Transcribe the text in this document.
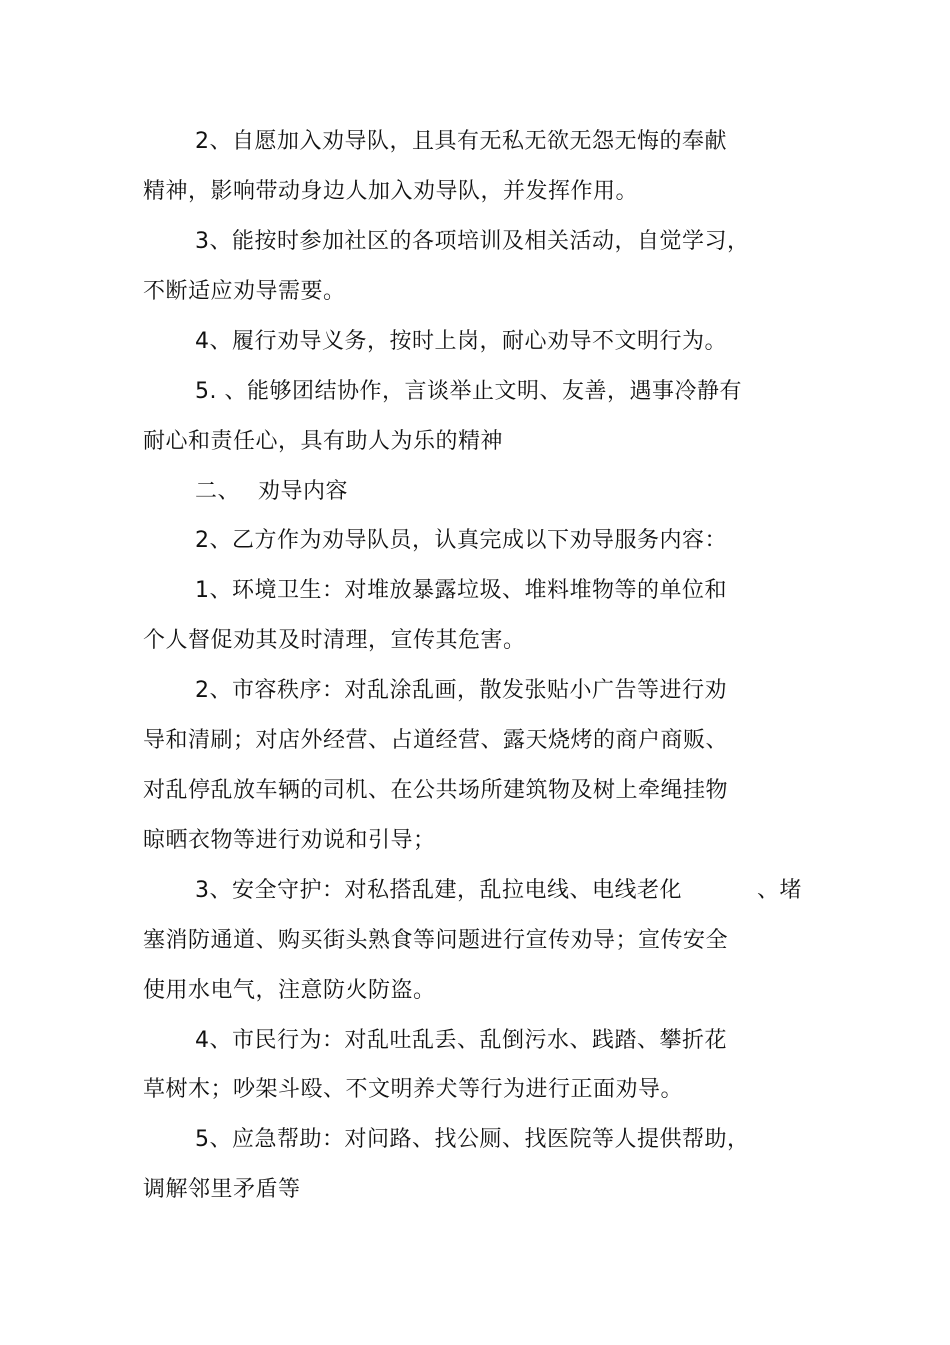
2、自愿加入劝导队，且具有无私无欲无怨无悔的奉献
精神，影响带动身边人加入劝导队，并发挥作用。
3、能按时参加社区的各项培训及相关活动，自觉学习，
不断适应劝导需要。
4、履行劝导义务，按时上岗，耐心劝导不文明行为。
5. 、能够团结协作，言谈举止文明、友善，遇事冷静有
耐心和责任心，具有助人为乐的精神
二、 劝导内容
2、乙方作为劝导队员，认真完成以下劝导服务内容：
1、环境卫生：对堆放暴露垃圾、堆料堆物等的单位和
个人督促劝其及时清理，宣传其危害。
2、市容秩序：对乱涂乱画，散发张贴小广告等进行劝
导和清刷；对店外经营、占道经营、露天烧烤的商户商贩、
对乱停乱放车辆的司机、在公共场所建筑物及树上牵绳挂物
晾晒衣物等进行劝说和引导；
3、安全守护：对私搭乱建，乱拉电线、电线老化	、堵
塞消防通道、购买街头熟食等问题进行宣传劝导；宣传安全
使用水电气，注意防火防盗。
4、市民行为：对乱吐乱丢、乱倒污水、践踏、攀折花
草树木；吵架斗殴、不文明养犬等行为进行正面劝导。
5、应急帮助：对问路、找公厕、找医院等人提供帮助，
调解邻里矛盾等
